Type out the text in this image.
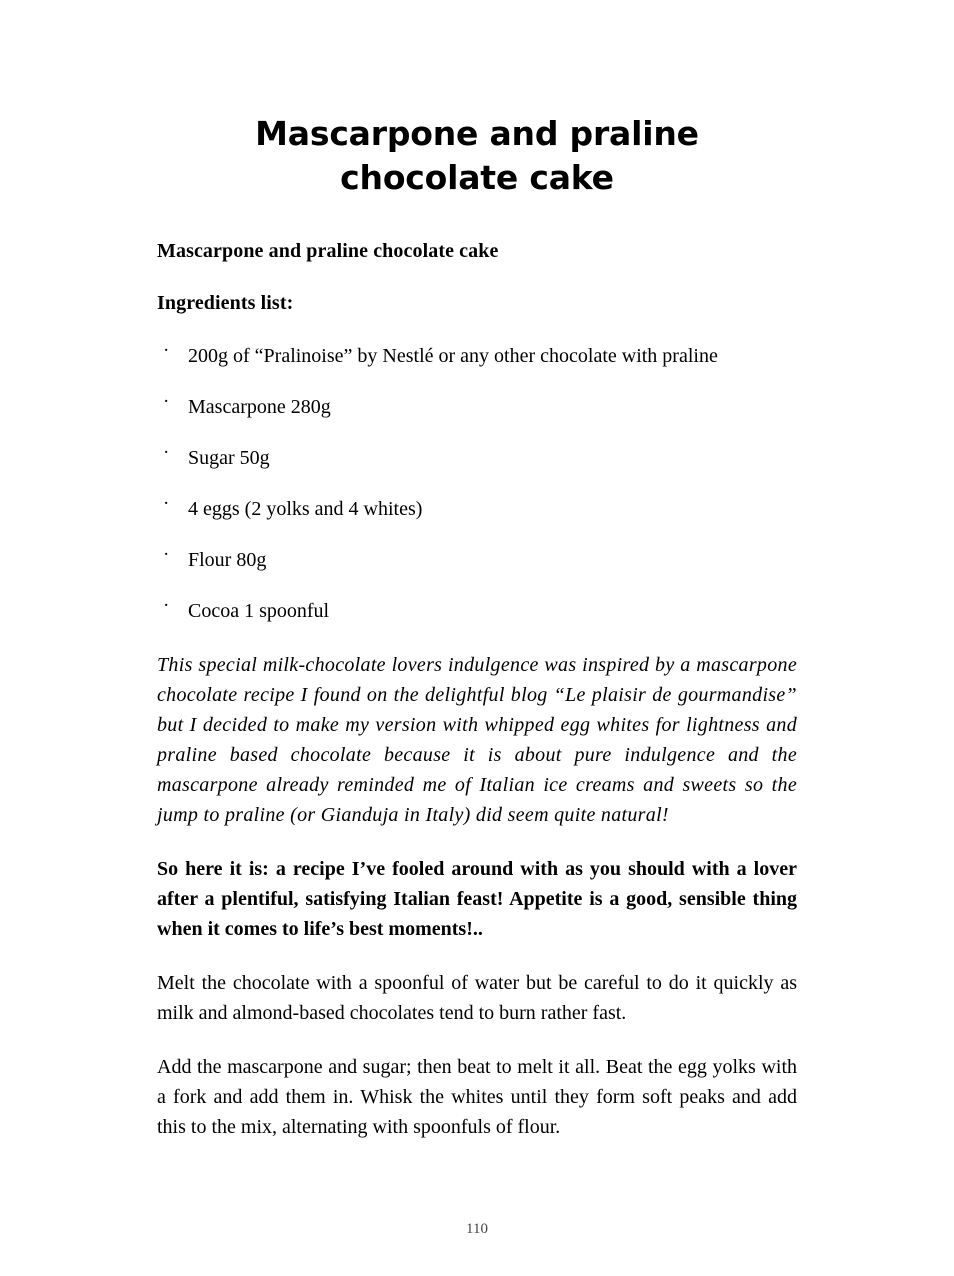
Mascarpone and praline chocolate cake

Mascarpone and praline chocolate cake

Ingredients list:

· 200g of “Pralinoise” by Nestlé or any other chocolate with praline
· Mascarpone 280g
· Sugar 50g
· 4 eggs (2 yolks and 4 whites)
· Flour 80g
· Cocoa 1 spoonful

This special milk-chocolate lovers indulgence was inspired by a mascarpone chocolate recipe I found on the delightful blog “Le plaisir de gourmandise” but I decided to make my version with whipped egg whites for lightness and praline based chocolate because it is about pure indulgence and the mascarpone already reminded me of Italian ice creams and sweets so the jump to praline (or Gianduja in Italy) did seem quite natural!

So here it is: a recipe I’ve fooled around with as you should with a lover after a plentiful, satisfying Italian feast! Appetite is a good, sensible thing when it comes to life’s best moments!..

Melt the chocolate with a spoonful of water but be careful to do it quickly as milk and almond-based chocolates tend to burn rather fast.

Add the mascarpone and sugar; then beat to melt it all. Beat the egg yolks with a fork and add them in. Whisk the whites until they form soft peaks and add this to the mix, alternating with spoonfuls of flour.

110
